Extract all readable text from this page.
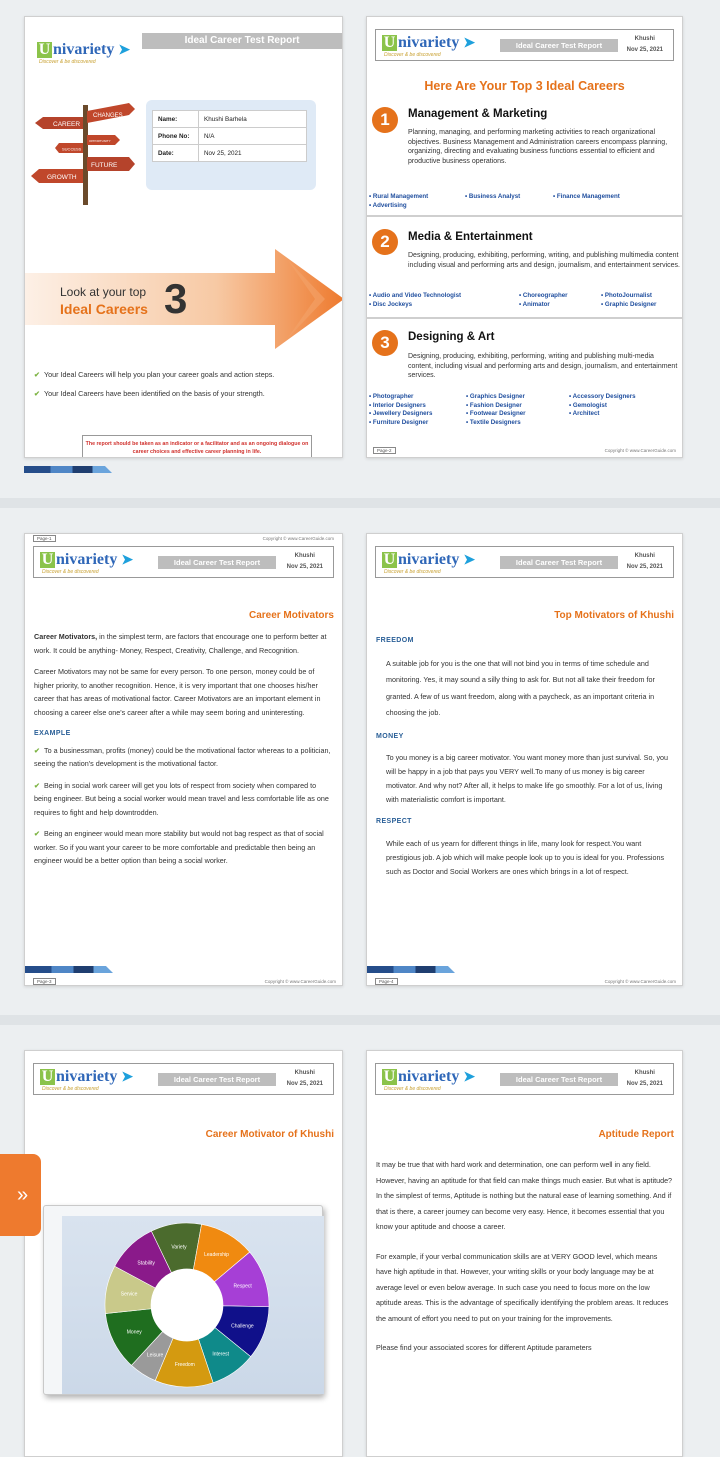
U nivariety ➤
Discover & be discovered
Ideal Career Test Report
CHANGES
CAREER
OPPORTUNITY
SUCCESS
FUTURE
GROWTH
Name:	Khushi Barhela
Phone No:	N/A
Date:	Nov 25, 2021
Look at your top
Ideal Careers 3
✔ Your Ideal Careers will help you plan your career goals and action steps.
✔ Your Ideal Careers have been identified on the basis of your strength.
The report should be taken as an indicator or a facilitator and as an ongoing dialogue on career choices and effective career planning in life.
U nivariety ➤
Discover & be discovered
Ideal Career Test Report
Khushi
Nov 25, 2021
Here Are Your Top 3 Ideal Careers
1	Management & Marketing
Planning, managing, and performing marketing activities to reach organizational objectives. Business Management and Administration careers encompass planning, organizing, directing and evaluating business functions essential to efficient and productive business operations.
• Rural Management	• Business Analyst	• Finance Management
• Advertising
2	Media & Entertainment
Designing, producing, exhibiting, performing, writing, and publishing multimedia content including visual and performing arts and design, journalism, and entertainment services.
• Audio and Video Technologist	• Choreographer	• PhotoJournalist
• Disc Jockeys	• Animator	• Graphic Designer
3	Designing & Art
Designing, producing, exhibiting, performing, writing and publishing multi-media content, including visual and performing arts and design, journalism, and entertainment services.
• Photographer	• Graphics Designer	• Accessory Designers
• Interior Designers	• Fashion Designer	• Gemologist
• Jewellery Designers	• Footwear Designer	• Architect
• Furniture Designer	• Textile Designers
Page-2	Copyright © www.CareerGuide.com
Page-1	Copyright © www.CareerGuide.com
U nivariety ➤
Discover & be discovered
Ideal Career Test Report
Khushi
Nov 25, 2021
Career Motivators

Career Motivators, in the simplest term, are factors that encourage one to perform better at work. It could be anything- Money, Respect, Creativity, Challenge, and Recognition.

Career Motivators may not be same for every person. To one person, money could be of higher priority, to another recognition. Hence, it is very important that one chooses his/her career that has areas of motivational factor. Career Motivators are an important element in choosing a career else one's career after a while may seem boring and uninteresting.

EXAMPLE

✔ To a businessman, profits (money) could be the motivational factor whereas to a politician, seeing the nation's development is the motivational factor.

✔ Being in social work career will get you lots of respect from society when compared to being engineer. But being a social worker would mean travel and less comfortable life as one requires to fight and help downtrodden.

✔ Being an engineer would mean more stability but would not bag respect as that of social worker. So if you want your career to be more comfortable and predictable then being an engineer would be a better option than being a social worker.

Page-3	Copyright © www.CareerGuide.com
U nivariety ➤
Discover & be discovered
Ideal Career Test Report
Khushi
Nov 25, 2021
Top Motivators of Khushi
FREEDOM

A suitable job for you is the one that will not bind you in terms of time schedule and monitoring. Yes, it may sound a silly thing to ask for. But not all take their freedom for granted. A few of us want freedom, along with a paycheck, as an important criteria in choosing the job.

MONEY

To you money is a big career motivator. You want money more than just survival. So, you will be happy in a job that pays you VERY well.To many of us money is big career motivator. And why not? After all, it helps to make life go smoothly. For a lot of us, living with materialistic comfort is important.

RESPECT

While each of us yearn for different things in life, many look for respect.You want prestigious job. A job which will make people look up to you is ideal for you. Professions such as Doctor and Social Workers are ones which brings in a lot of respect.

Page-4	Copyright © www.CareerGuide.com
U nivariety ➤
Discover & be discovered
Ideal Career Test Report
Khushi
Nov 25, 2021
Career Motivator of Khushi
Variety
Leadership
Respect
Challenge
Interest
Freedom
Leisure
Money
Service
Stability
»
U nivariety ➤
Discover & be discovered
Ideal Career Test Report
Khushi
Nov 25, 2021
Aptitude Report

It may be true that with hard work and determination, one can perform well in any field. However, having an aptitude for that field can make things much easier. But what is aptitude? In the simplest of terms, Aptitude is nothing but the natural ease of learning something. And if that is there, a career journey can become very easy. Hence, it becomes essential that you know your aptitude and choose a career.

For example, if your verbal communication skills are at VERY GOOD level, which means have high aptitude in that. However, your writing skills or your body language may be at average level or even below average. In such case you need to focus more on the low aptitude areas. This is the advantage of specifically identifying the problem areas. It reduces the amount of effort you need to put on your training for the improvements.

Please find your associated scores for different Aptitude parameters
